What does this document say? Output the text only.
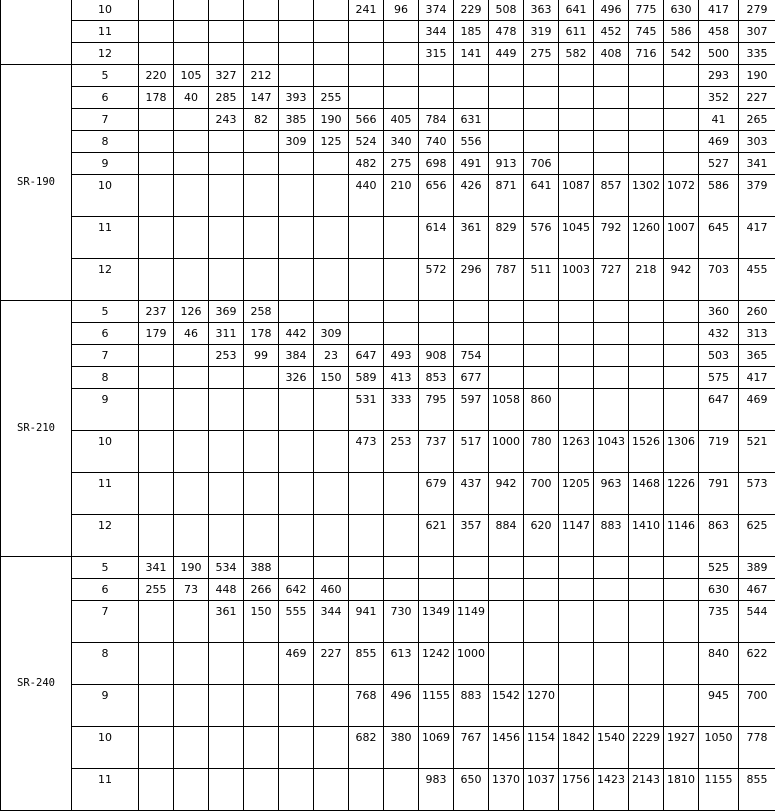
	10							241	96	374	229	508	363	641	496	775	630	417	279
	11									344	185	478	319	611	452	745	586	458	307
	12									315	141	449	275	582	408	716	542	500	335
SR-190	5	220	105	327	212													293	190
	6	178	40	285	147	393	255											352	227
	7			243	82	385	190	566	405	784	631							41	265
	8					309	125	524	340	740	556							469	303
	9							482	275	698	491	913	706					527	341
	10							440	210	656	426	871	641	1087	857	1302	1072	586	379
	11									614	361	829	576	1045	792	1260	1007	645	417
	12									572	296	787	511	1003	727	218	942	703	455
SR-210	5	237	126	369	258													360	260
	6	179	46	311	178	442	309											432	313
	7			253	99	384	23	647	493	908	754							503	365
	8					326	150	589	413	853	677							575	417
	9							531	333	795	597	1058	860					647	469
	10							473	253	737	517	1000	780	1263	1043	1526	1306	719	521
	11									679	437	942	700	1205	963	1468	1226	791	573
	12									621	357	884	620	1147	883	1410	1146	863	625
SR-240	5	341	190	534	388													525	389
	6	255	73	448	266	642	460											630	467
	7			361	150	555	344	941	730	1349	1149							735	544
	8					469	227	855	613	1242	1000							840	622
	9							768	496	1155	883	1542	1270					945	700
	10							682	380	1069	767	1456	1154	1842	1540	2229	1927	1050	778
	11									983	650	1370	1037	1756	1423	2143	1810	1155	855
